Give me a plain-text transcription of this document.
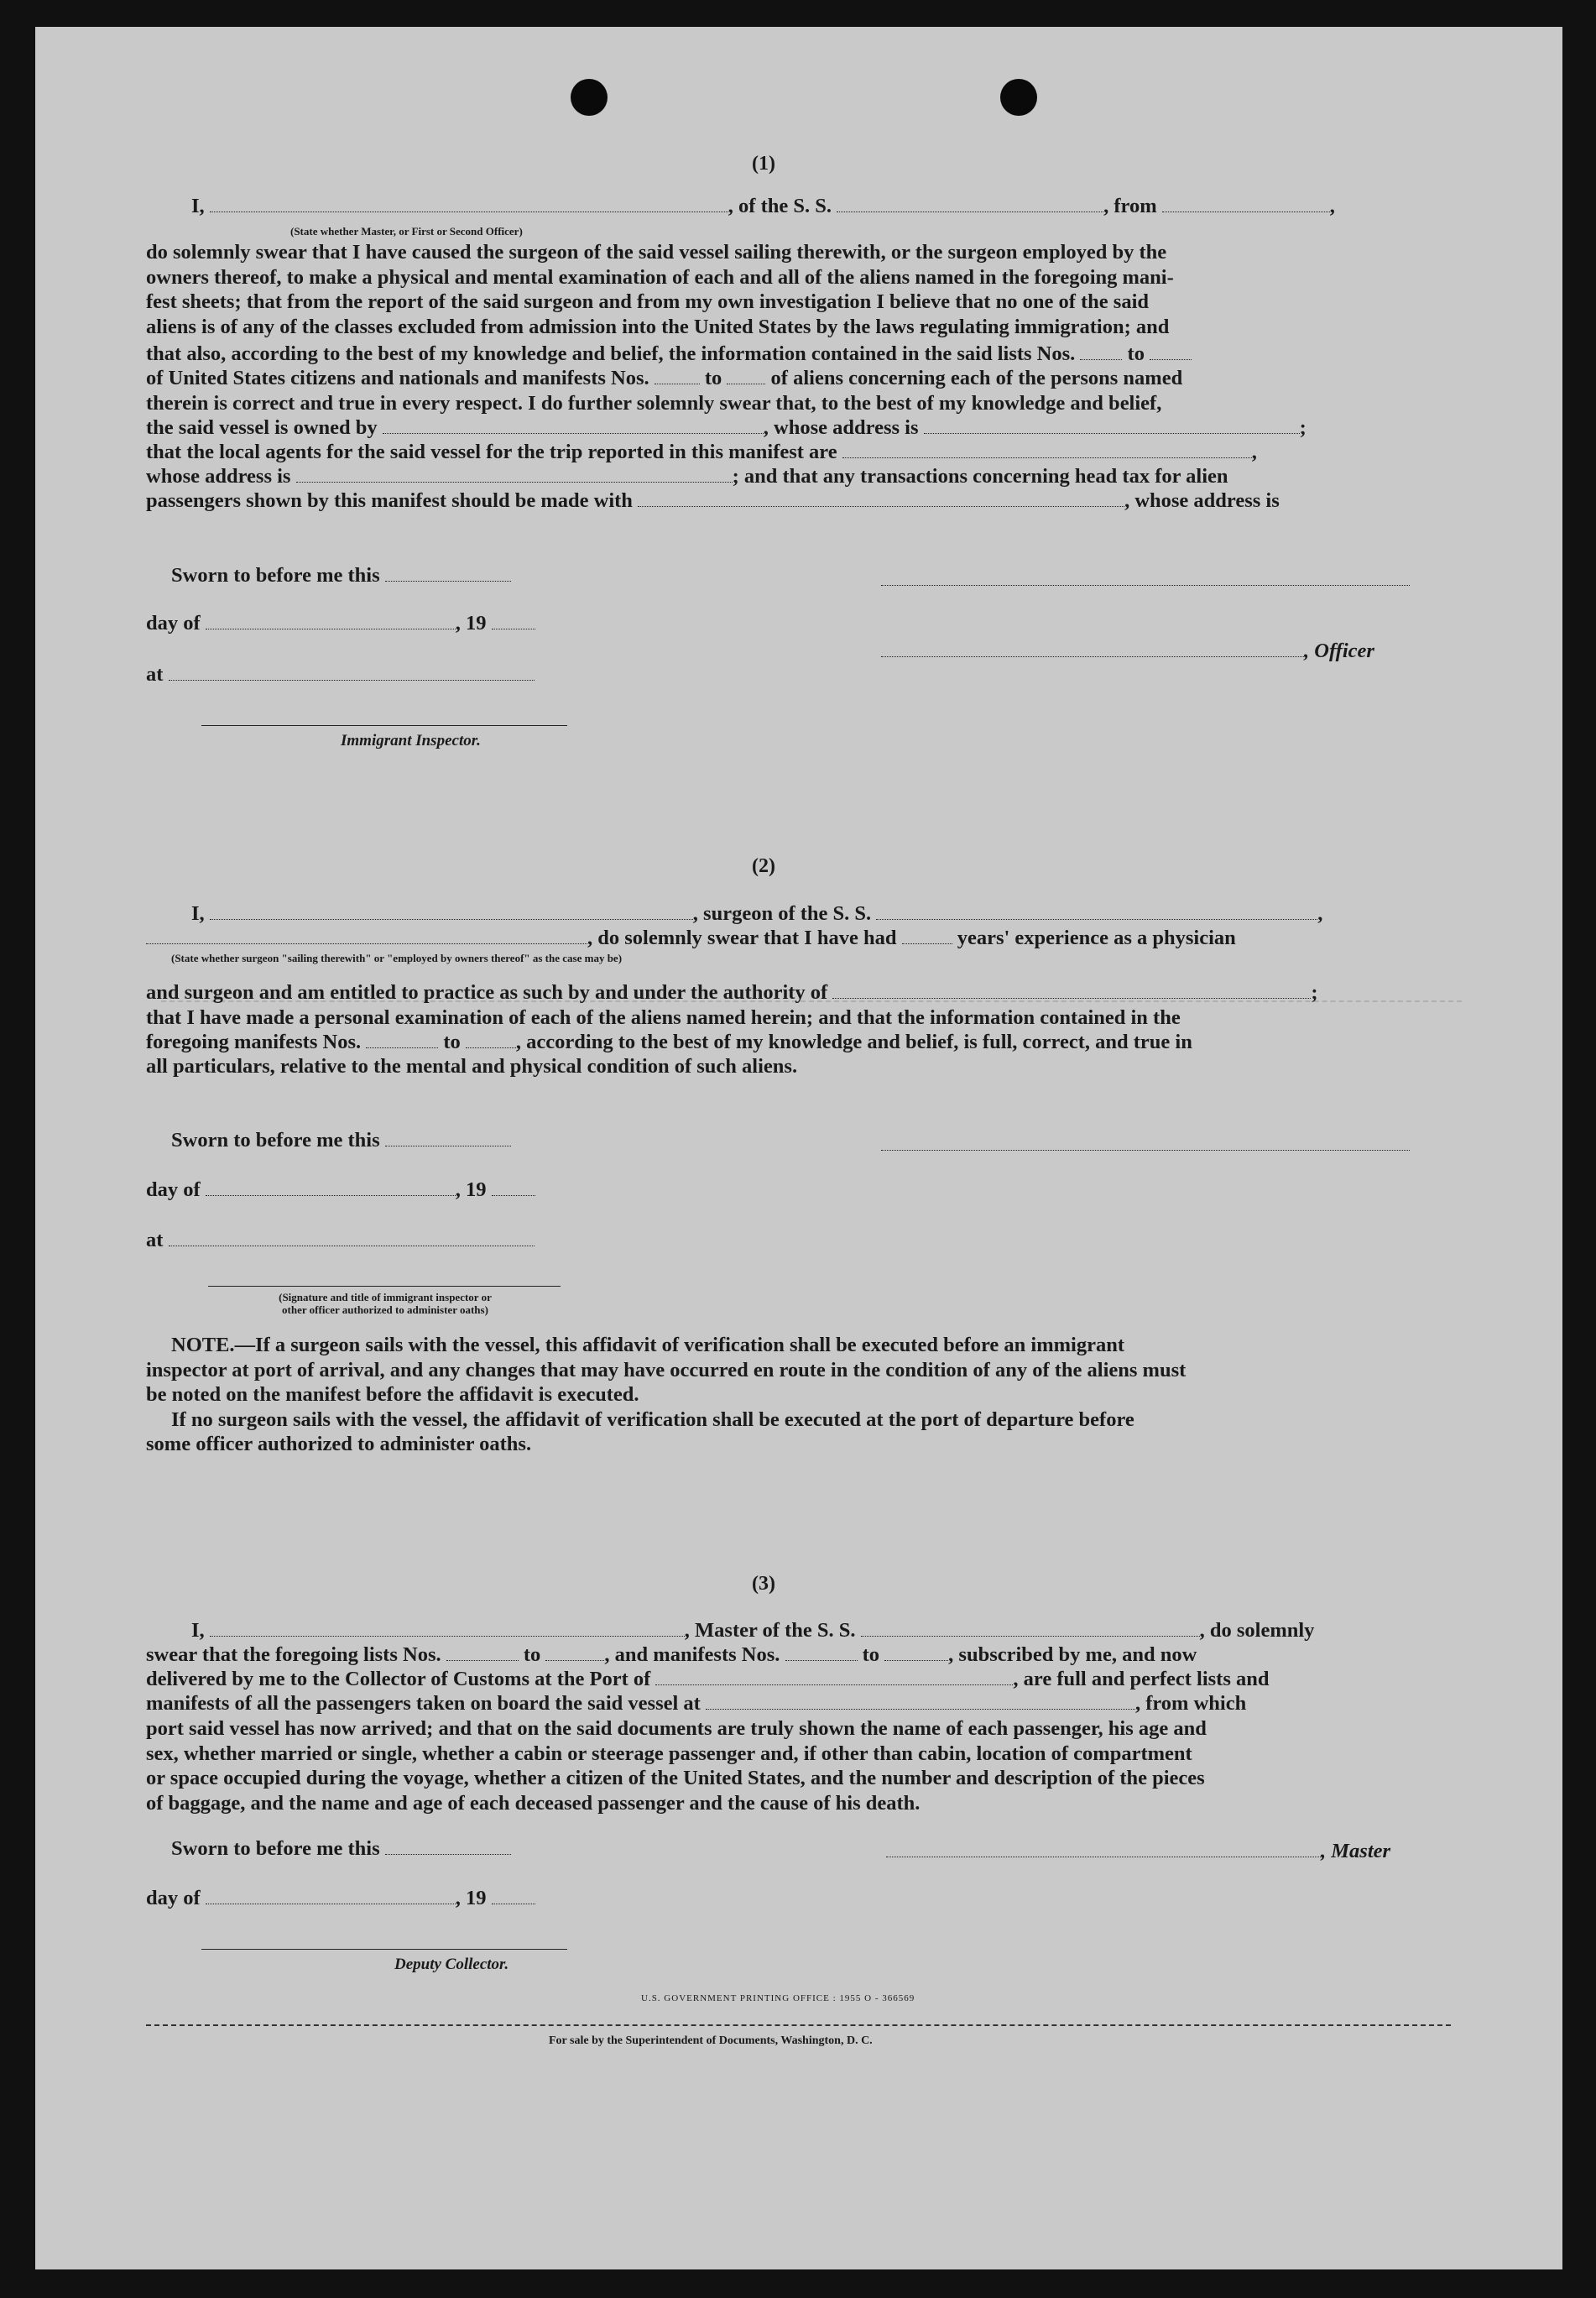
(1)
I,	, of the S. S.	, from	,
(State whether Master, or First or Second Officer)
do solemnly swear that I have caused the surgeon of the said vessel sailing therewith, or the surgeon employed by the
owners thereof, to make a physical and mental examination of each and all of the aliens named in the foregoing mani-
fest sheets; that from the report of the said surgeon and from my own investigation I believe that no one of the said
aliens is of any of the classes excluded from admission into the United States by the laws regulating immigration; and
that also, according to the best of my knowledge and belief, the information contained in the said lists Nos.	to
of United States citizens and nationals and manifests Nos.	to of aliens concerning each of the persons named
therein is correct and true in every respect. I do further solemnly swear that, to the best of my knowledge and belief,
the said vessel is owned by	, whose address is	;
that the local agents for the said vessel for the trip reported in this manifest are	,
whose address is	; and that any transactions concerning head tax for alien
passengers shown by this manifest should be made with	, whose address is
Sworn to before me this
day of	, 19
, Officer
at
Immigrant Inspector.
(2)
I,	, surgeon of the S. S.	,
, do solemnly swear that I have had	years' experience as a physician
(State whether surgeon "sailing therewith" or "employed by owners thereof" as the case may be)
and surgeon and am entitled to practice as such by and under the authority of	;
that I have made a personal examination of each of the aliens named herein; and that the information contained in the
foregoing manifests Nos.	to	, according to the best of my knowledge and belief, is full, correct, and true in
all particulars, relative to the mental and physical condition of such aliens.
Sworn to before me this
day of	, 19
at
(Signature and title of immigrant inspector or
other officer authorized to administer oaths)
NOTE.—If a surgeon sails with the vessel, this affidavit of verification shall be executed before an immigrant
inspector at port of arrival, and any changes that may have occurred en route in the condition of any of the aliens must
be noted on the manifest before the affidavit is executed.
If no surgeon sails with the vessel, the affidavit of verification shall be executed at the port of departure before
some officer authorized to administer oaths.
(3)
I,	, Master of the S. S.	, do solemnly
swear that the foregoing lists Nos.	to	, and manifests Nos.	to	, subscribed by me, and now
delivered by me to the Collector of Customs at the Port of	, are full and perfect lists and
manifests of all the passengers taken on board the said vessel at	, from which
port said vessel has now arrived; and that on the said documents are truly shown the name of each passenger, his age and
sex, whether married or single, whether a cabin or steerage passenger and, if other than cabin, location of compartment
or space occupied during the voyage, whether a citizen of the United States, and the number and description of the pieces
of baggage, and the name and age of each deceased passenger and the cause of his death.
Sworn to before me this	, Master
day of	, 19
Deputy Collector.
U.S. GOVERNMENT PRINTING OFFICE : 1955 O - 366569
For sale by the Superintendent of Documents, Washington, D. C.
